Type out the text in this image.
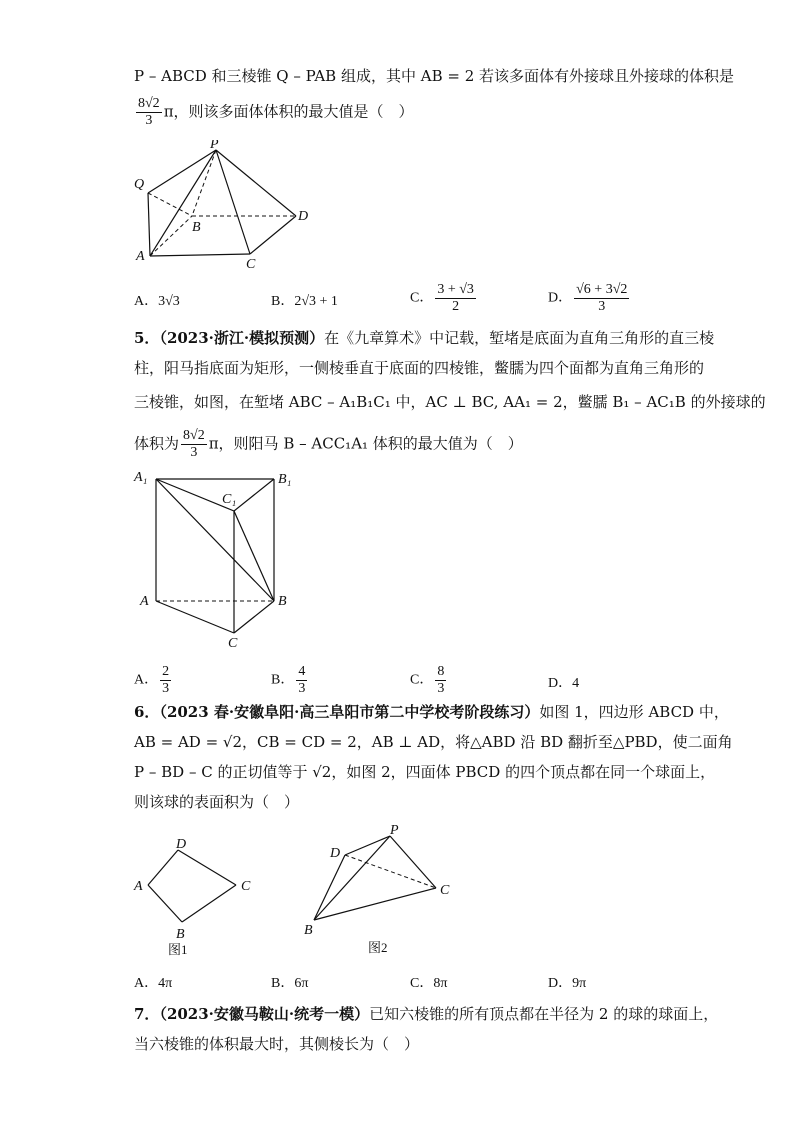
P – ABCD 和三棱锥 Q – PAB 组成，其中 AB = 2 若该多面体有外接球且外接球的体积是
$\frac{8√2}{3}$ π，则该多面体体积的最大值是（　）
P
Q
A
B
C
D
A．3√3	B．2√3 + 1	C． $\frac{3 + √3}{2}$	D． $\frac{√6 + 3√2}{3}$
5．（2023·浙江·模拟预测）在《九章算术》中记载，堑堵是底面为直角三角形的直三棱
柱，阳马指底面为矩形，一侧棱垂直于底面的四棱锥，鳖臑为四个面都为直角三角形的
三棱锥，如图，在堑堵 ABC – A₁B₁C₁ 中，AC ⊥ BC, AA₁ = 2，鳖臑 B₁ – AC₁B 的外接球的
体积为 $\frac{8√2}{3}$ π，则阳马 B – ACC₁A₁ 体积的最大值为（　）
A₁	B₁
C₁
A	B
C
A． $\frac{2}{3}$	B． $\frac{4}{3}$	C． $\frac{8}{3}$	D．4
6．（2023 春·安徽阜阳·高三阜阳市第二中学校考阶段练习）如图 1，四边形 ABCD 中，
AB = AD = √2，CB = CD = 2，AB ⊥ AD，将△ABD 沿 BD 翻折至△PBD，使二面角
P – BD – C 的正切值等于 √2，如图 2，四面体 PBCD 的四个顶点都在同一个球面上，
则该球的表面积为（　）
D
A	C
B
图1
P
D
C
B
图2
A．4π	B．6π	C．8π	D．9π
7．（2023·安徽马鞍山·统考一模）已知六棱锥的所有顶点都在半径为 2 的球的球面上，
当六棱锥的体积最大时，其侧棱长为（　）
